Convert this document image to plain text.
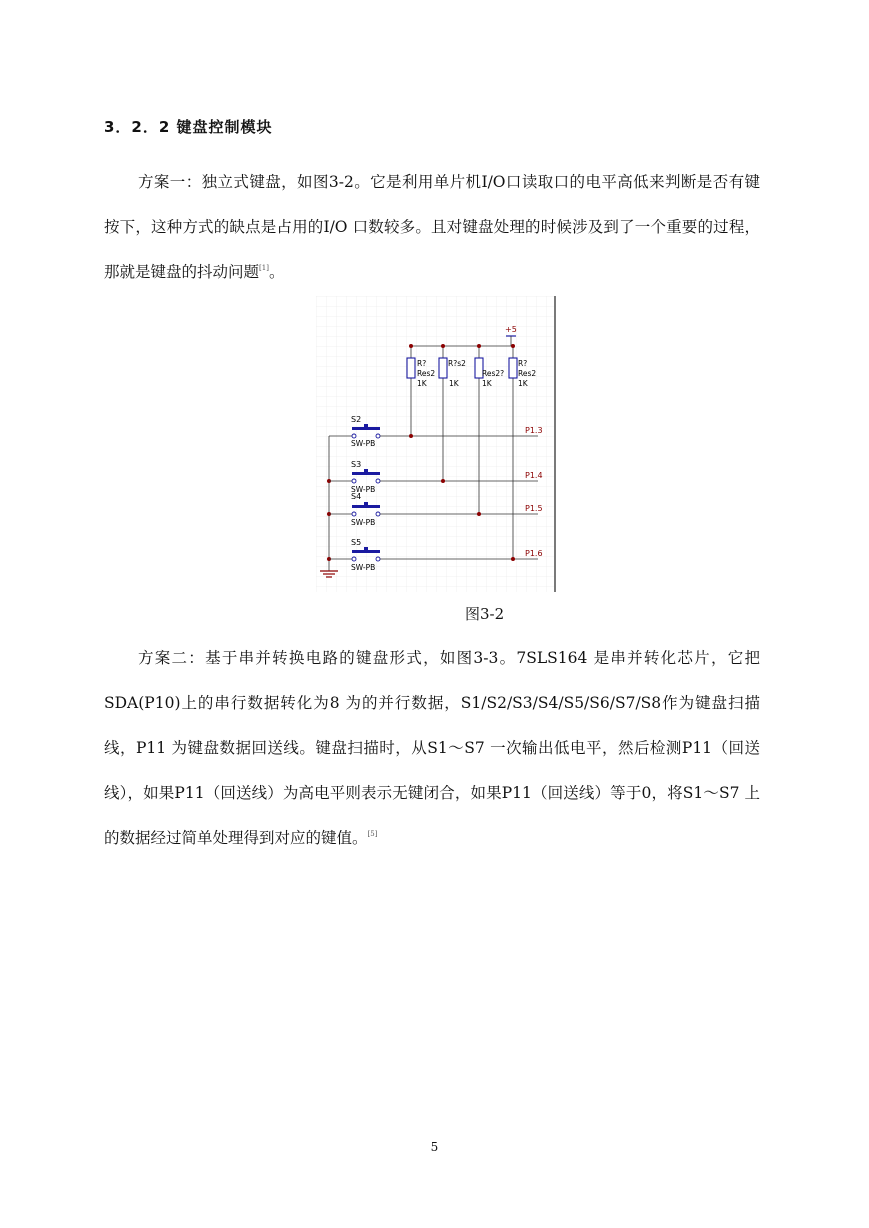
3．2．2 键盘控制模块
方案一：独立式键盘，如图3-2。它是利用单片机I/O口读取口的电平高低来判断是否有键按下，这种方式的缺点是占用的I/O 口数较多。且对键盘处理的时候涉及到了一个重要的过程，那就是键盘的抖动问题[1]。
+5
R?
Res2
1K
R?s2
1K
Res2?
1K
R?
Res2
1K
S2
SW-PB
P1.3
S3
SW-PB
P1.4
S4
SW-PB
P1.5
S5
SW-PB
P1.6
图3-2
方案二：基于串并转换电路的键盘形式，如图3-3。7SLS164 是串并转化芯片，它把SDA(P10)上的串行数据转化为8 为的并行数据，S1/S2/S3/S4/S5/S6/S7/S8作为键盘扫描线，P11 为键盘数据回送线。键盘扫描时，从S1～S7 一次输出低电平，然后检测P11（回送线），如果P11（回送线）为高电平则表示无键闭合，如果P11（回送线）等于0，将S1～S7 上的数据经过简单处理得到对应的键值。[5]
5
